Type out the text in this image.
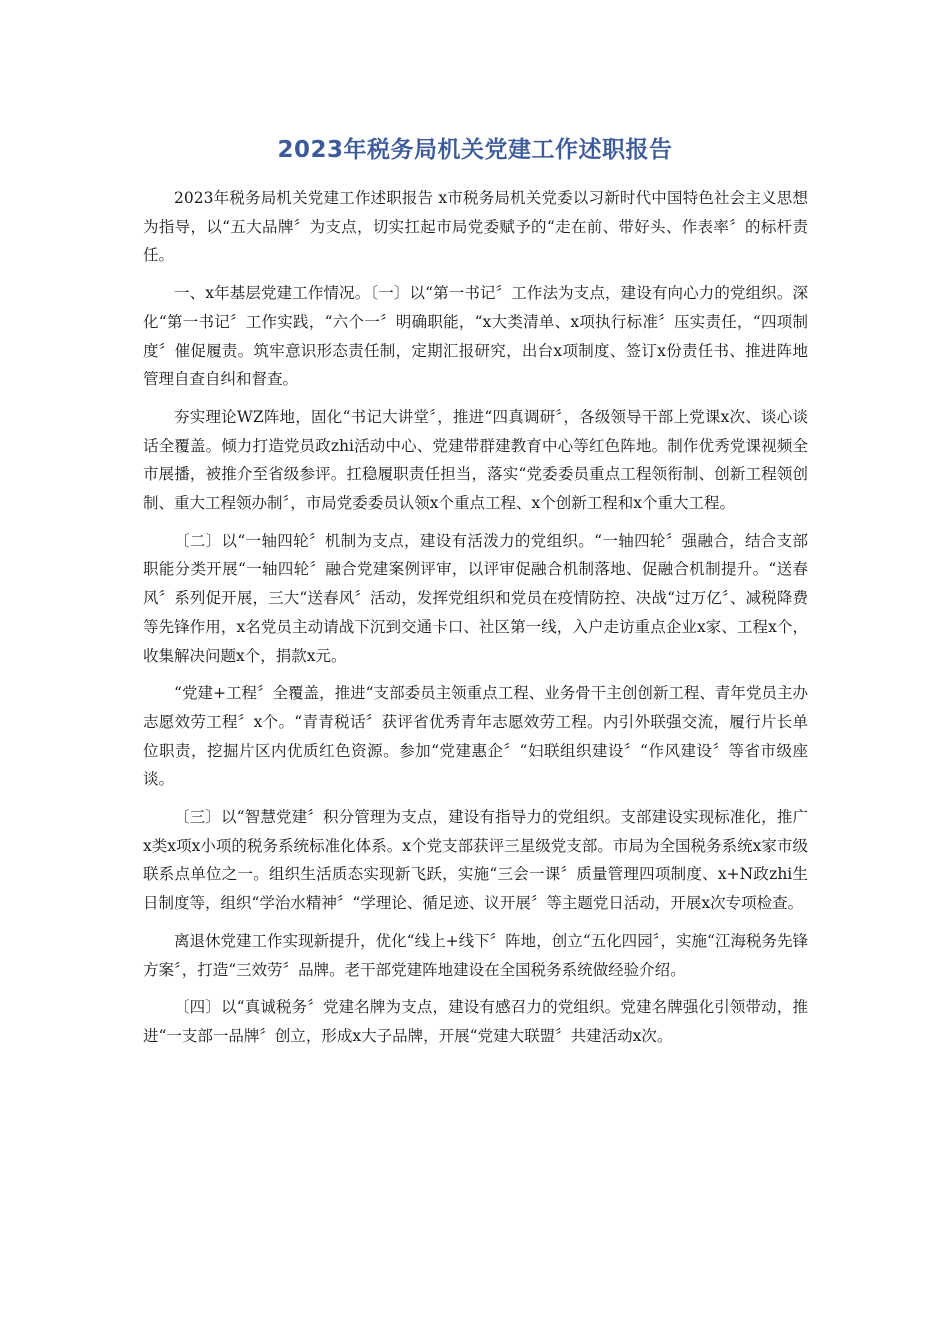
2023年税务局机关党建工作述职报告

2023年税务局机关党建工作述职报告 x市税务局机关党委以习新时代中国特色社会主义思想为指导，以“五大品牌〞为支点，切实扛起市局党委赋予的“走在前、带好头、作表率〞的标杆责任。

一、x年基层党建工作情况。〔一〕以“第一书记〞工作法为支点，建设有向心力的党组织。深化“第一书记〞工作实践，“六个一〞明确职能，“x大类清单、x项执行标准〞压实责任，“四项制度〞催促履责。筑牢意识形态责任制，定期汇报研究，出台x项制度、签订x份责任书、推进阵地管理自查自纠和督查。

夯实理论WZ阵地，固化“书记大讲堂〞，推进“四真调研〞，各级领导干部上党课x次、谈心谈话全覆盖。倾力打造党员政zhi活动中心、党建带群建教育中心等红色阵地。制作优秀党课视频全市展播，被推介至省级参评。扛稳履职责任担当，落实“党委委员重点工程领衔制、创新工程领创制、重大工程领办制〞，市局党委委员认领x个重点工程、x个创新工程和x个重大工程。

〔二〕以“一轴四轮〞机制为支点，建设有活泼力的党组织。“一轴四轮〞强融合，结合支部职能分类开展“一轴四轮〞融合党建案例评审，以评审促融合机制落地、促融合机制提升。“送春风〞系列促开展，三大“送春风〞活动，发挥党组织和党员在疫情防控、决战“过万亿〞、减税降费等先锋作用，x名党员主动请战下沉到交通卡口、社区第一线，入户走访重点企业x家、工程x个，收集解决问题x个，捐款x元。

“党建+工程〞全覆盖，推进“支部委员主领重点工程、业务骨干主创创新工程、青年党员主办志愿效劳工程〞x个。“青青税话〞获评省优秀青年志愿效劳工程。内引外联强交流，履行片长单位职责，挖掘片区内优质红色资源。参加“党建惠企〞“妇联组织建设〞“作风建设〞等省市级座谈。

〔三〕以“智慧党建〞积分管理为支点，建设有指导力的党组织。支部建设实现标准化，推广x类x项x小项的税务系统标准化体系。x个党支部获评三星级党支部。市局为全国税务系统x家市级联系点单位之一。组织生活质态实现新飞跃，实施“三会一课〞质量管理四项制度、x+N政zhi生日制度等，组织“学治水精神〞“学理论、循足迹、议开展〞等主题党日活动，开展x次专项检查。

离退休党建工作实现新提升，优化“线上+线下〞阵地，创立“五化四园〞，实施“江海税务先锋方案〞，打造“三效劳〞品牌。老干部党建阵地建设在全国税务系统做经验介绍。

〔四〕以“真诚税务〞党建名牌为支点，建设有感召力的党组织。党建名牌强化引领带动，推进“一支部一品牌〞创立，形成x大子品牌，开展“党建大联盟〞共建活动x次。
